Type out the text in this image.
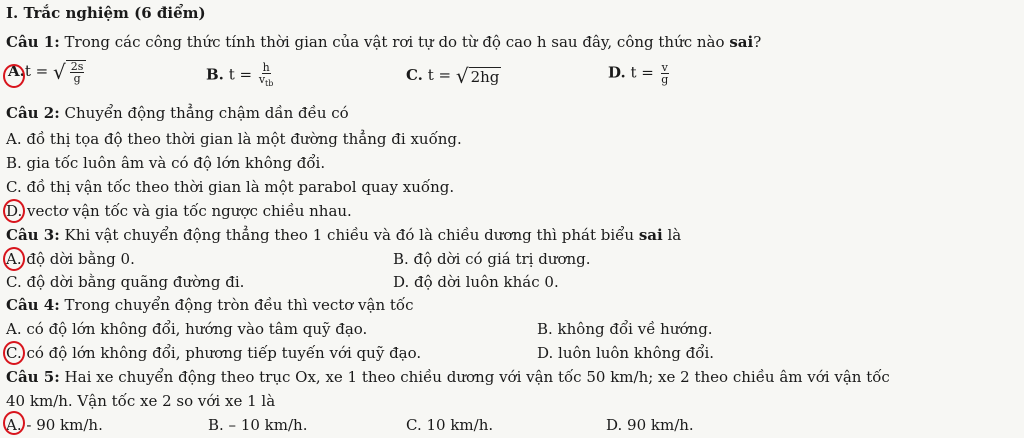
I. Trắc nghiệm (6 điểm)
Câu 1: Trong các công thức tính thời gian của vật rơi tự do từ độ cao h sau đây, công thức nào sai?
A.t = √ $\frac{2s}{g}$	B. $t = \frac{h}{v_{tb}}$	C. t = √ 2hg	D. $t = \frac{v}{g}$
Câu 2: Chuyển động thẳng chậm dần đều có
A. đồ thị tọa độ theo thời gian là một đường thẳng đi xuống.
B. gia tốc luôn âm và có độ lớn không đổi.
C. đồ thị vận tốc theo thời gian là một parabol quay xuống.
D. vectơ vận tốc và gia tốc ngược chiều nhau.
Câu 3: Khi vật chuyển động thẳng theo 1 chiều và đó là chiều dương thì phát biểu sai là
A. độ dời bằng 0.	B. độ dời có giá trị dương.
C. độ dời bằng quãng đường đi.	D. độ dời luôn khác 0.
Câu 4: Trong chuyển động tròn đều thì vectơ vận tốc
A. có độ lớn không đổi, hướng vào tâm quỹ đạo.	B. không đổi về hướng.
C. có độ lớn không đổi, phương tiếp tuyến với quỹ đạo.	D. luôn luôn không đổi.
Câu 5: Hai xe chuyển động theo trục Ox, xe 1 theo chiều dương với vận tốc 50 km/h; xe 2 theo chiều âm với vận tốc
40 km/h. Vận tốc xe 2 so với xe 1 là
A. - 90 km/h.	B. – 10 km/h.	C. 10 km/h.	D. 90 km/h.
